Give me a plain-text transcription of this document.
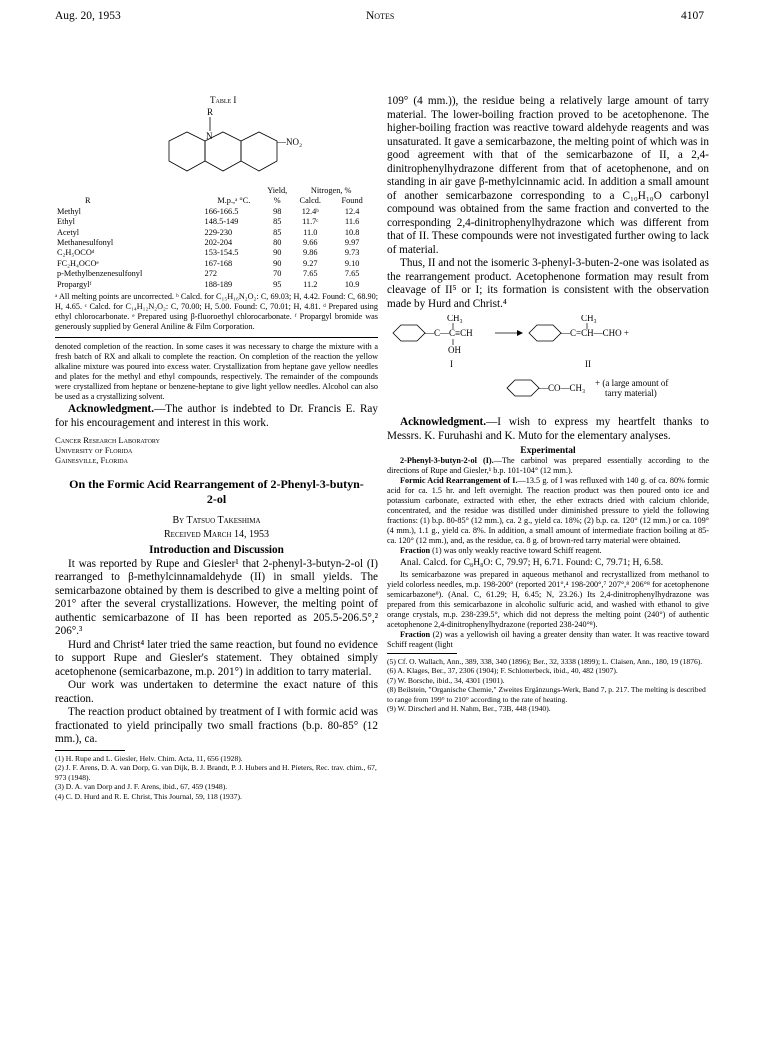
Aug. 20, 1953	Notes	4107
Table I
R
N
—NO₂
R	M.p.,ᵃ °C.	Yield, %	Nitrogen, %	
			Calcd.	Found
Methyl	166-166.5	98	12.4ᵇ	12.4
Ethyl	148.5-149	85	11.7ᶜ	11.6
Acetyl	229-230	85	11.0	10.8
Methanesulfonyl	202-204	80	9.66	9.97
C₂H₅OCOᵈ	153-154.5	90	9.86	9.73
FC₂H₄OCOᵉ	167-168	90	9.27	9.10
p-Methylbenzenesulfonyl	272	70	7.65	7.65
Propargylᶠ	188-189	95	11.2	10.9

ᵃ All melting points are uncorrected. ᵇ Calcd. for C₁₅H₁₆N₂O₂: C, 69.03; H, 4.42. Found: C, 68.90; H, 4.65. ᶜ Calcd. for C₁₄H₁₂N₂O₂: C, 70.00; H, 5.00. Found: C, 70.01; H, 4.81. ᵈ Prepared using ethyl chlorocarbonate. ᵉ Prepared using β-fluoroethyl chlorocarbonate. ᶠ Propargyl bromide was generously supplied by General Aniline & Film Corporation.

denoted completion of the reaction. In some cases it was necessary to charge the mixture with a fresh batch of RX and alkali to complete the reaction. On completion of the reaction the yellow alkaline mixture was poured into excess water. Crystallization from heptane gave yellow needles and plates for the methyl and ethyl compounds, respectively. The remainder of the compounds were crystallized from heptane or benzene-heptane to give light yellow needles. Alcohol can also be used as a crystallizing solvent.

Acknowledgment.—The author is indebted to Dr. Francis E. Ray for his encouragement and interest in this work.

Cancer Research Laboratory
University of Florida
Gainesville, Florida
On the Formic Acid Rearrangement of 2-Phenyl-3-butyn-2-ol
By Tatsuo Takeshima
Received March 14, 1953
Introduction and Discussion

It was reported by Rupe and Giesler¹ that 2-phenyl-3-butyn-2-ol (I) rearranged to β-methylcinnamaldehyde (II) in small yields. The semicarbazone obtained by them is described to give a melting point of 201° after the several crystallizations. However, the melting point of authentic semicarbazone of II has been reported as 205.5-206.5°,² 206°.³

Hurd and Christ⁴ later tried the same reaction, but found no evidence to support Rupe and Giesler's statement. They obtained simply acetophenone (semicarbazone, m.p. 201°) in addition to tarry material.

Our work was undertaken to determine the exact nature of this reaction.

The reaction product obtained by treatment of I with formic acid was fractionated to yield principally two small fractions (b.p. 80-85° (12 mm.), ca.

(1) H. Rupe and L. Giesler, Helv. Chim. Acta, 11, 656 (1928).

(2) J. F. Arens, D. A. van Dorp, G. van Dijk, B. J. Brandt, P. J. Hubers and H. Pieters, Rec. trav. chim., 67, 973 (1948).

(3) D. A. van Dorp and J. F. Arens, ibid., 67, 459 (1948).

(4) C. D. Hurd and R. E. Christ, This Journal, 59, 118 (1937).

109° (4 mm.)), the residue being a relatively large amount of tarry material. The lower-boiling fraction proved to be acetophenone. The higher-boiling fraction was reactive toward aldehyde reagents and was unsaturated. It gave a semicarbazone, the melting point of which was in good agreement with that of the semicarbazone of II, a 2,4-dinitrophenylhydrazone different from that of acetophenone, and on standing in air gave β-methylcinnamic acid. In addition a small amount of another semicarbazone corresponding to a C₁₀H₁₀O carbonyl compound was obtained from the same fraction and converted to the corresponding 2,4-dinitrophenylhydrazone which was different from that of II. These compounds were not investigated further owing to lack of material.

Thus, II and not the isomeric 3-phenyl-3-buten-2-one was isolated as the rearrangement product. Acetophenone formation may result from cleavage of II⁵ or I; its formation is consistent with the observation made by Hurd and Christ.⁴

CH₃
—C—C≡CH
OH
I
CH₃
—C=CH—CHO +
II
—CO—CH₃ + (a large amount of
tarry material)

Acknowledgment.—I wish to express my heartfelt thanks to Messrs. K. Furuhashi and K. Muto for the elementary analyses.

Experimental

2-Phenyl-3-butyn-2-ol (I).—The carbinol was prepared essentially according to the directions of Rupe and Giesler,¹ b.p. 101-104° (12 mm.).

Formic Acid Rearrangement of I.—13.5 g. of I was refluxed with 140 g. of ca. 80% formic acid for ca. 1.5 hr. and left overnight. The reaction product was then poured onto ice and potassium carbonate, extracted with ether, the ether extracts dried with calcium chloride, concentrated, and the residue was distilled under diminished pressure to yield the following fractions: (1) b.p. 80-85° (12 mm.), ca. 2 g., yield ca. 18%; (2) b.p. ca. 120° (12 mm.) or ca. 109° (4 mm.), 1.1 g., yield ca. 8%. In addition, a small amount of intermediate fraction boiling at 85-ca. 120° (12 mm.), and, as the residue, ca. 8 g. of brown-red tarry material were obtained.

Fraction (1) was only weakly reactive toward Schiff reagent.

Anal. Calcd. for C₈H₈O: C, 79.97; H, 6.71. Found: C, 79.71; H, 6.58.

Its semicarbazone was prepared in aqueous methanol and recrystallized from methanol to yield colorless needles, m.p. 198-200° (reported 201°,⁴ 198-200°,⁷ 207°,⁸ 206°⁸ for acetophenone semicarbazone⁹). (Anal. C, 61.29; H, 6.45; N, 23.26.) Its 2,4-dinitrophenylhydrazone was prepared from this semicarbazone in alcoholic sulfuric acid, and washed with ethanol to give orange crystals, m.p. 238-239.5°, which did not depress the melting point (240°) of authentic acetophenone 2,4-dinitrophenylhydrazone (reported 238-240°⁸).

Fraction (2) was a yellowish oil having a greater density than water. It was reactive toward Schiff reagent (light

(5) Cf. O. Wallach, Ann., 389, 338, 340 (1896); Ber., 32, 3338 (1899); L. Claisen, Ann., 180, 19 (1876).

(6) A. Klages, Ber., 37, 2306 (1904); F. Schlotterbeck, ibid., 40, 482 (1907).

(7) W. Borsche, ibid., 34, 4301 (1901).

(8) Beilstein, "Organische Chemie," Zweites Ergänzungs-Werk, Band 7, p. 217. The melting is described to range from 199° to 210° according to the rate of heating.

(9) W. Dirscherl and H. Nahm, Ber., 73B, 448 (1940).
